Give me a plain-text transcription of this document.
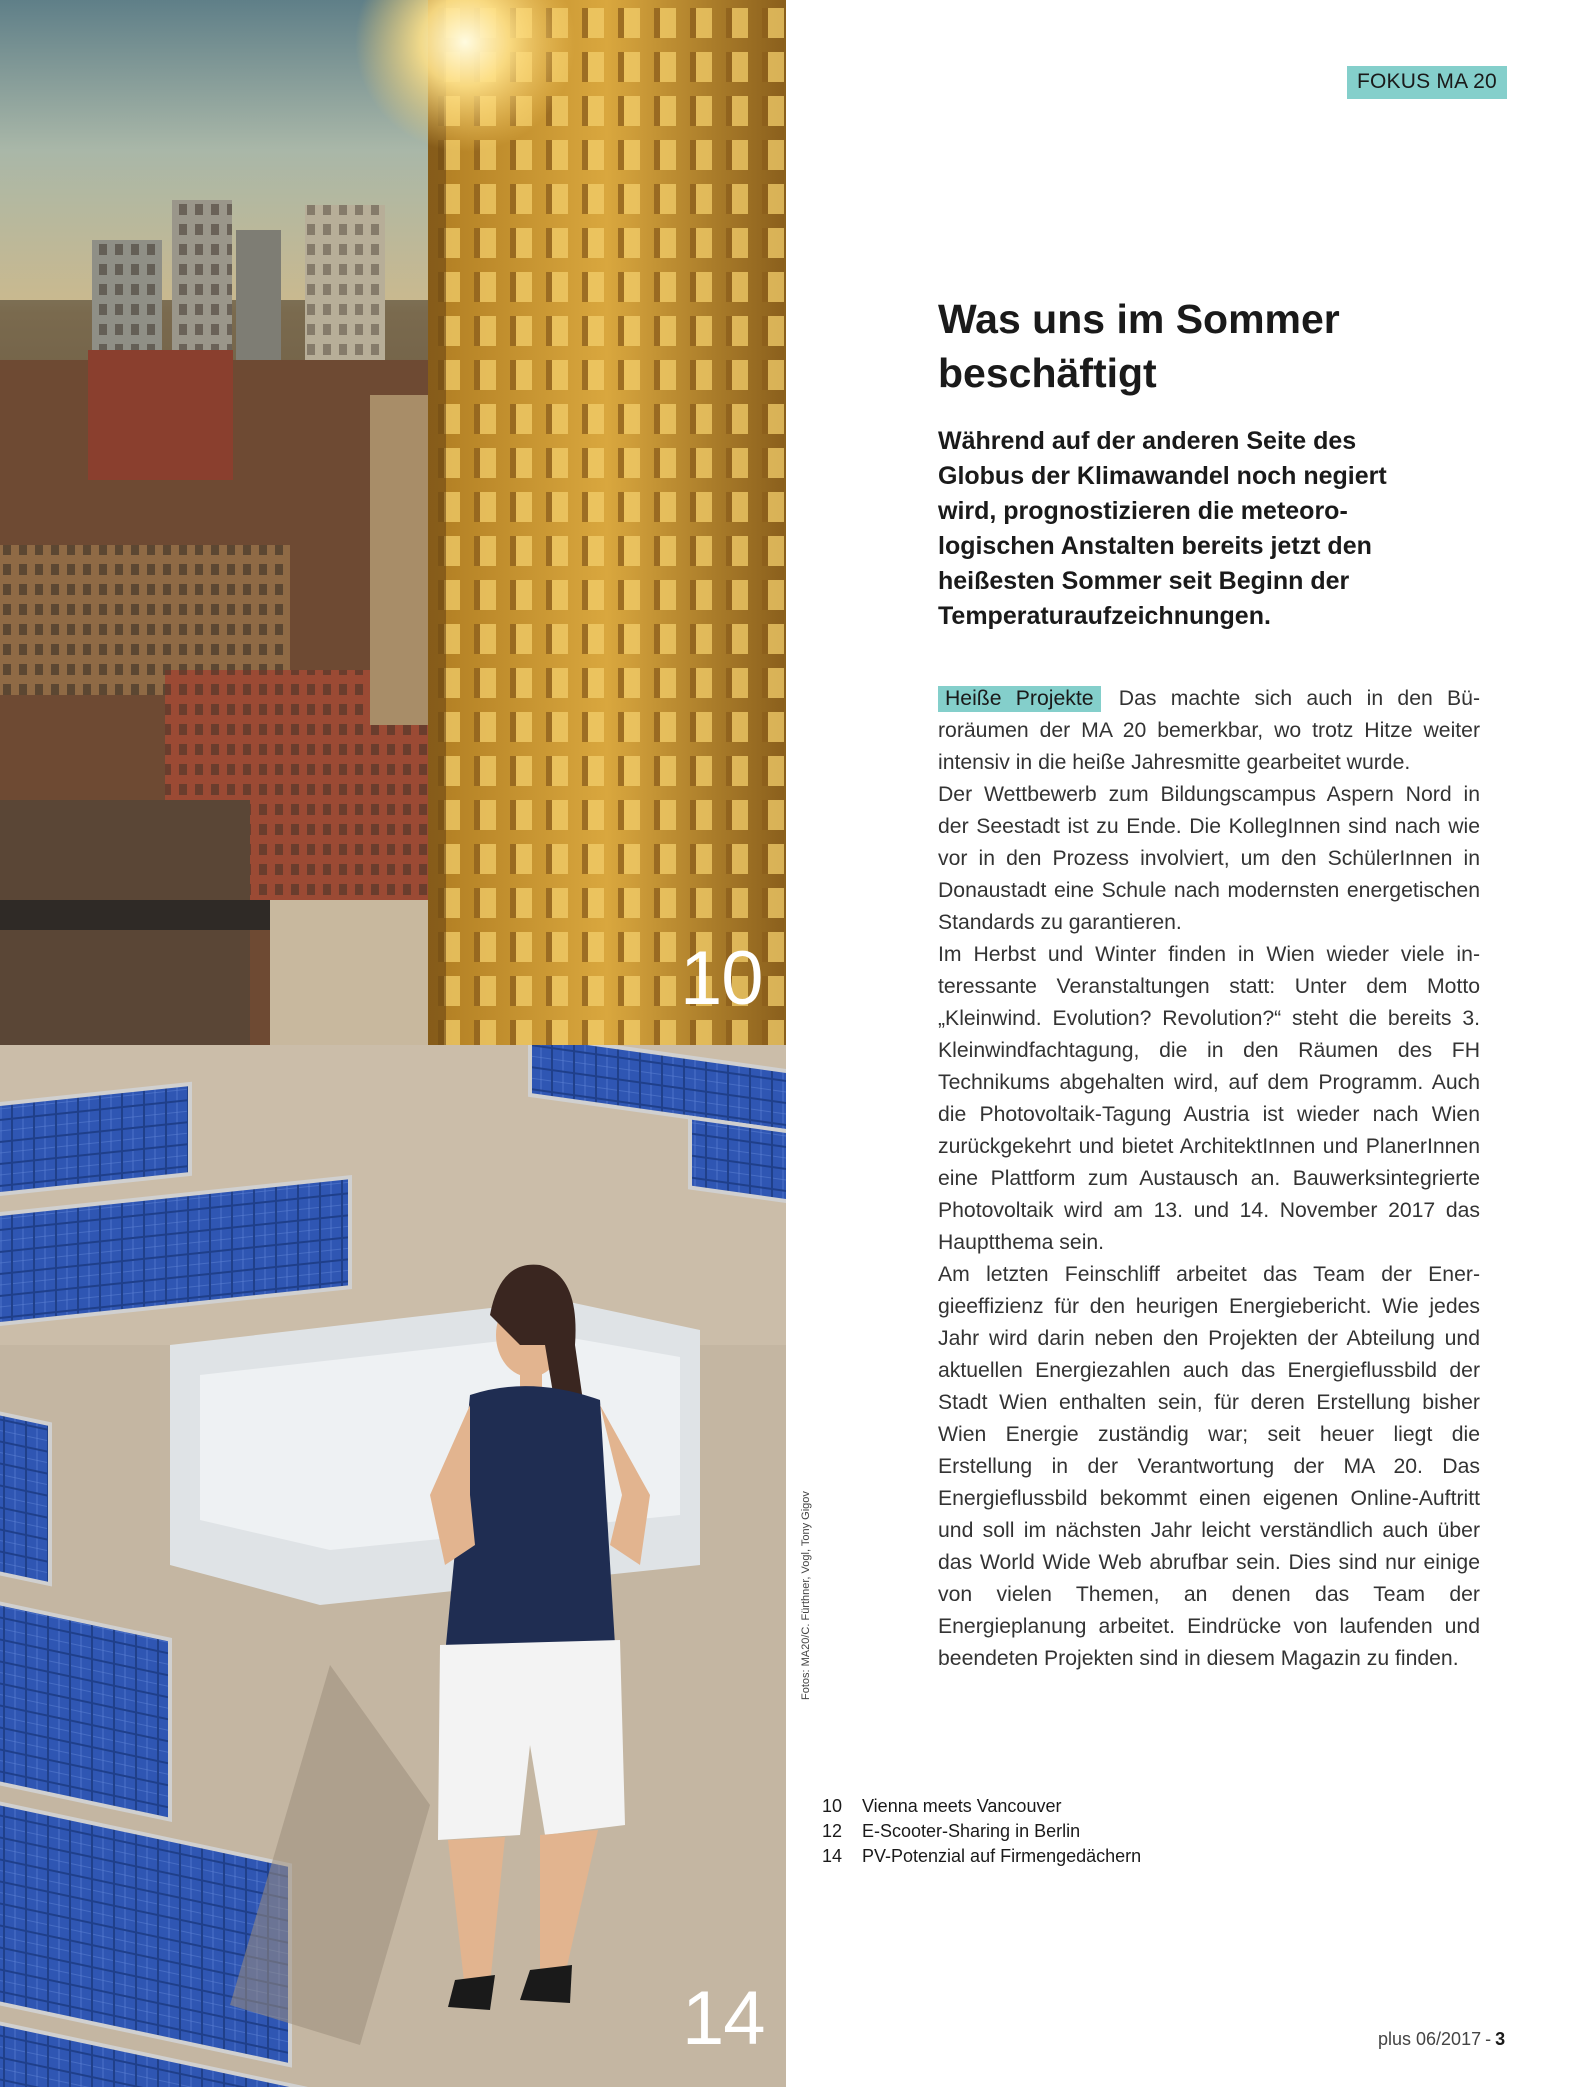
10
14
Fotos: MA20/C. Fürthner, Vogl, Tony Gigov
FOKUS MA 20
Was uns im Sommer beschäftigt

Während auf der anderen Seite des Globus der Klimawandel noch negiert wird, prognostizieren die meteorologischen Anstalten bereits jetzt den heißesten Sommer seit Beginn der Temperaturaufzeichnungen.

Heiße Projekte Das machte sich auch in den Büroräumen der MA 20 bemerkbar, wo trotz Hitze weiter intensiv in die heiße Jahresmitte gearbeitet wurde.

Der Wettbewerb zum Bildungscampus Aspern Nord in der Seestadt ist zu Ende. Die KollegInnen sind nach wie vor in den Prozess involviert, um den SchülerInnen in Donaustadt eine Schule nach modernsten energetischen Standards zu garantieren.

Im Herbst und Winter finden in Wien wieder viele interessante Veranstaltungen statt: Unter dem Motto „Kleinwind. Evolution? Revolution?“ steht die bereits 3. Kleinwindfachtagung, die in den Räumen des FH Technikums abgehalten wird, auf dem Programm. Auch die Photovoltaik-Tagung Austria ist wieder nach Wien zurückgekehrt und bietet ArchitektInnen und PlanerInnen eine Plattform zum Austausch an. Bauwerksintegrierte Photovoltaik wird am 13. und 14. November 2017 das Hauptthema sein.

Am letzten Feinschliff arbeitet das Team der Energieeffizienz für den heurigen Energiebericht. Wie jedes Jahr wird darin neben den Projekten der Abteilung und aktuellen Energiezahlen auch das Energieflussbild der Stadt Wien enthalten sein, für deren Erstellung bisher Wien Energie zuständig war; seit heuer liegt die Erstellung in der Verantwortung der MA 20. Das Energieflussbild bekommt einen eigenen Online-Auftritt und soll im nächsten Jahr leicht verständlich auch über das World Wide Web abrufbar sein. Dies sind nur einige von vielen Themen, an denen das Team der Energieplanung arbeitet. Eindrücke von laufenden und beendeten Projekten sind in diesem Magazin zu finden.

10	Vienna meets Vancouver
12	E-Scooter-Sharing in Berlin
14	PV-Potenzial auf Firmengedächern
plus 06/2017 - 3
